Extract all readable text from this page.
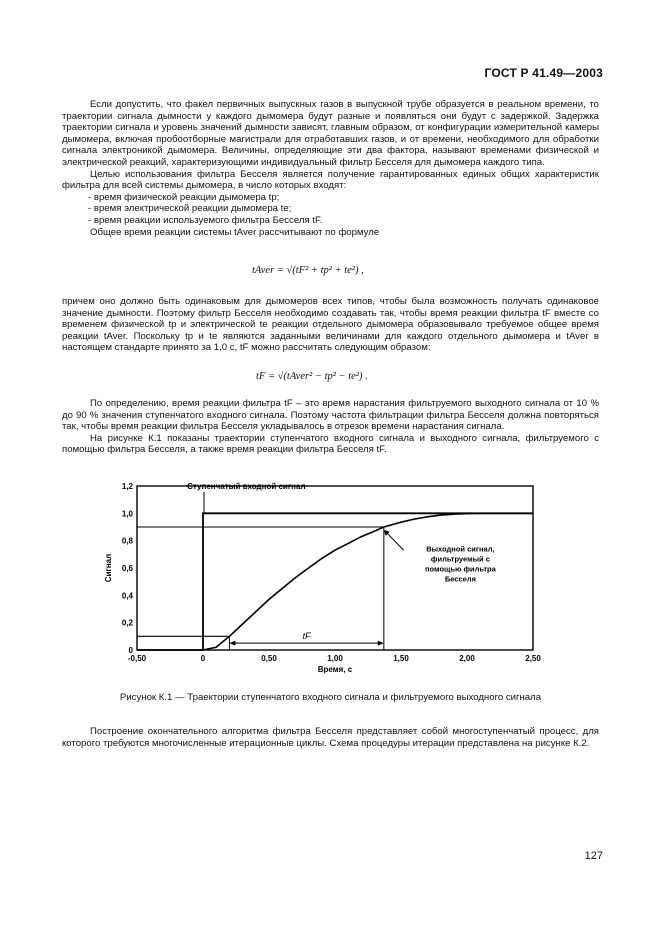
ГОСТ Р 41.49—2003

Если допустить, что факел первичных выпускных газов в выпускной трубе образуется в реальном времени, то траектории сигнала дымности у каждого дымомера будут разные и появляться они будут с задержкой. Задержка траектории сигнала и уровень значений дымности зависят, главным образом, от конфигурации измерительной камеры дымомера, включая пробоотборные магистрали для отработавших газов, и от времени, необходимого для обработки сигнала электроникой дымомера. Величины, определяющие эти два фактора, называют временами физической и электрической реакций, характеризующими индивидуальный фильтр Бесселя для дымомера каждого типа.

Целью использования фильтра Бесселя является получение гарантированных единых общих характеристик фильтра для всей системы дымомера, в число которых входят:

- время физической реакции дымомера tp;

- время электрической реакции дымомера te;

- время реакции используемого фильтра Бесселя tF.

Общее время реакции системы tAver рассчитывают по формуле

tAver = √(tF² + tp² + te²) ,

причем оно должно быть одинаковым для дымомеров всех типов, чтобы была возможность получать одинаковое значение дымности. Поэтому фильтр Бесселя необходимо создавать так, чтобы время реакции фильтра tF вместе со временем физической tp и электрической te реакции отдельного дымомера образовывало требуемое общее время реакции tAver. Поскольку tp и te являются заданными величинами для каждого отдельного дымомера и tAver в настоящем стандарте принято за 1,0 с, tF можно рассчитать следующим образом:

tF = √(tAver² − tp² − te²) .

По определению, время реакции фильтра tF – это время нарастания фильтруемого выходного сигнала от 10 % до 90 % значения ступенчатого входного сигнала. Поэтому частота фильтрации фильтра Бесселя должна повторяться так, чтобы время реакции фильтра Бесселя укладывалось в отрезок времени нарастания сигнала.

На рисунке К.1 показаны траектории ступенчатого входного сигнала и выходного сигнала, фильтруемого с помощью фильтра Бесселя, а также время реакции фильтра Бесселя tF.

0
0,2
0,4
0,6
0,8
1,0
1,2
-0,50	0	0,50	1,00	1,50	2,00	2,50
Время, с
Сигнал
tF
Ступенчатый входной сигнал
Выходной сигнал,
фильтруемый с
помощью фильтра
Бесселя
Рисунок К.1 — Траектории ступенчатого входного сигнала и фильтруемого выходного сигнала

Построение окончательного алгоритма фильтра Бесселя представляет собой многоступенчатый процесс, для которого требуются многочисленные итерационные циклы. Схема процедуры итерации представлена на рисунке К.2.

127
